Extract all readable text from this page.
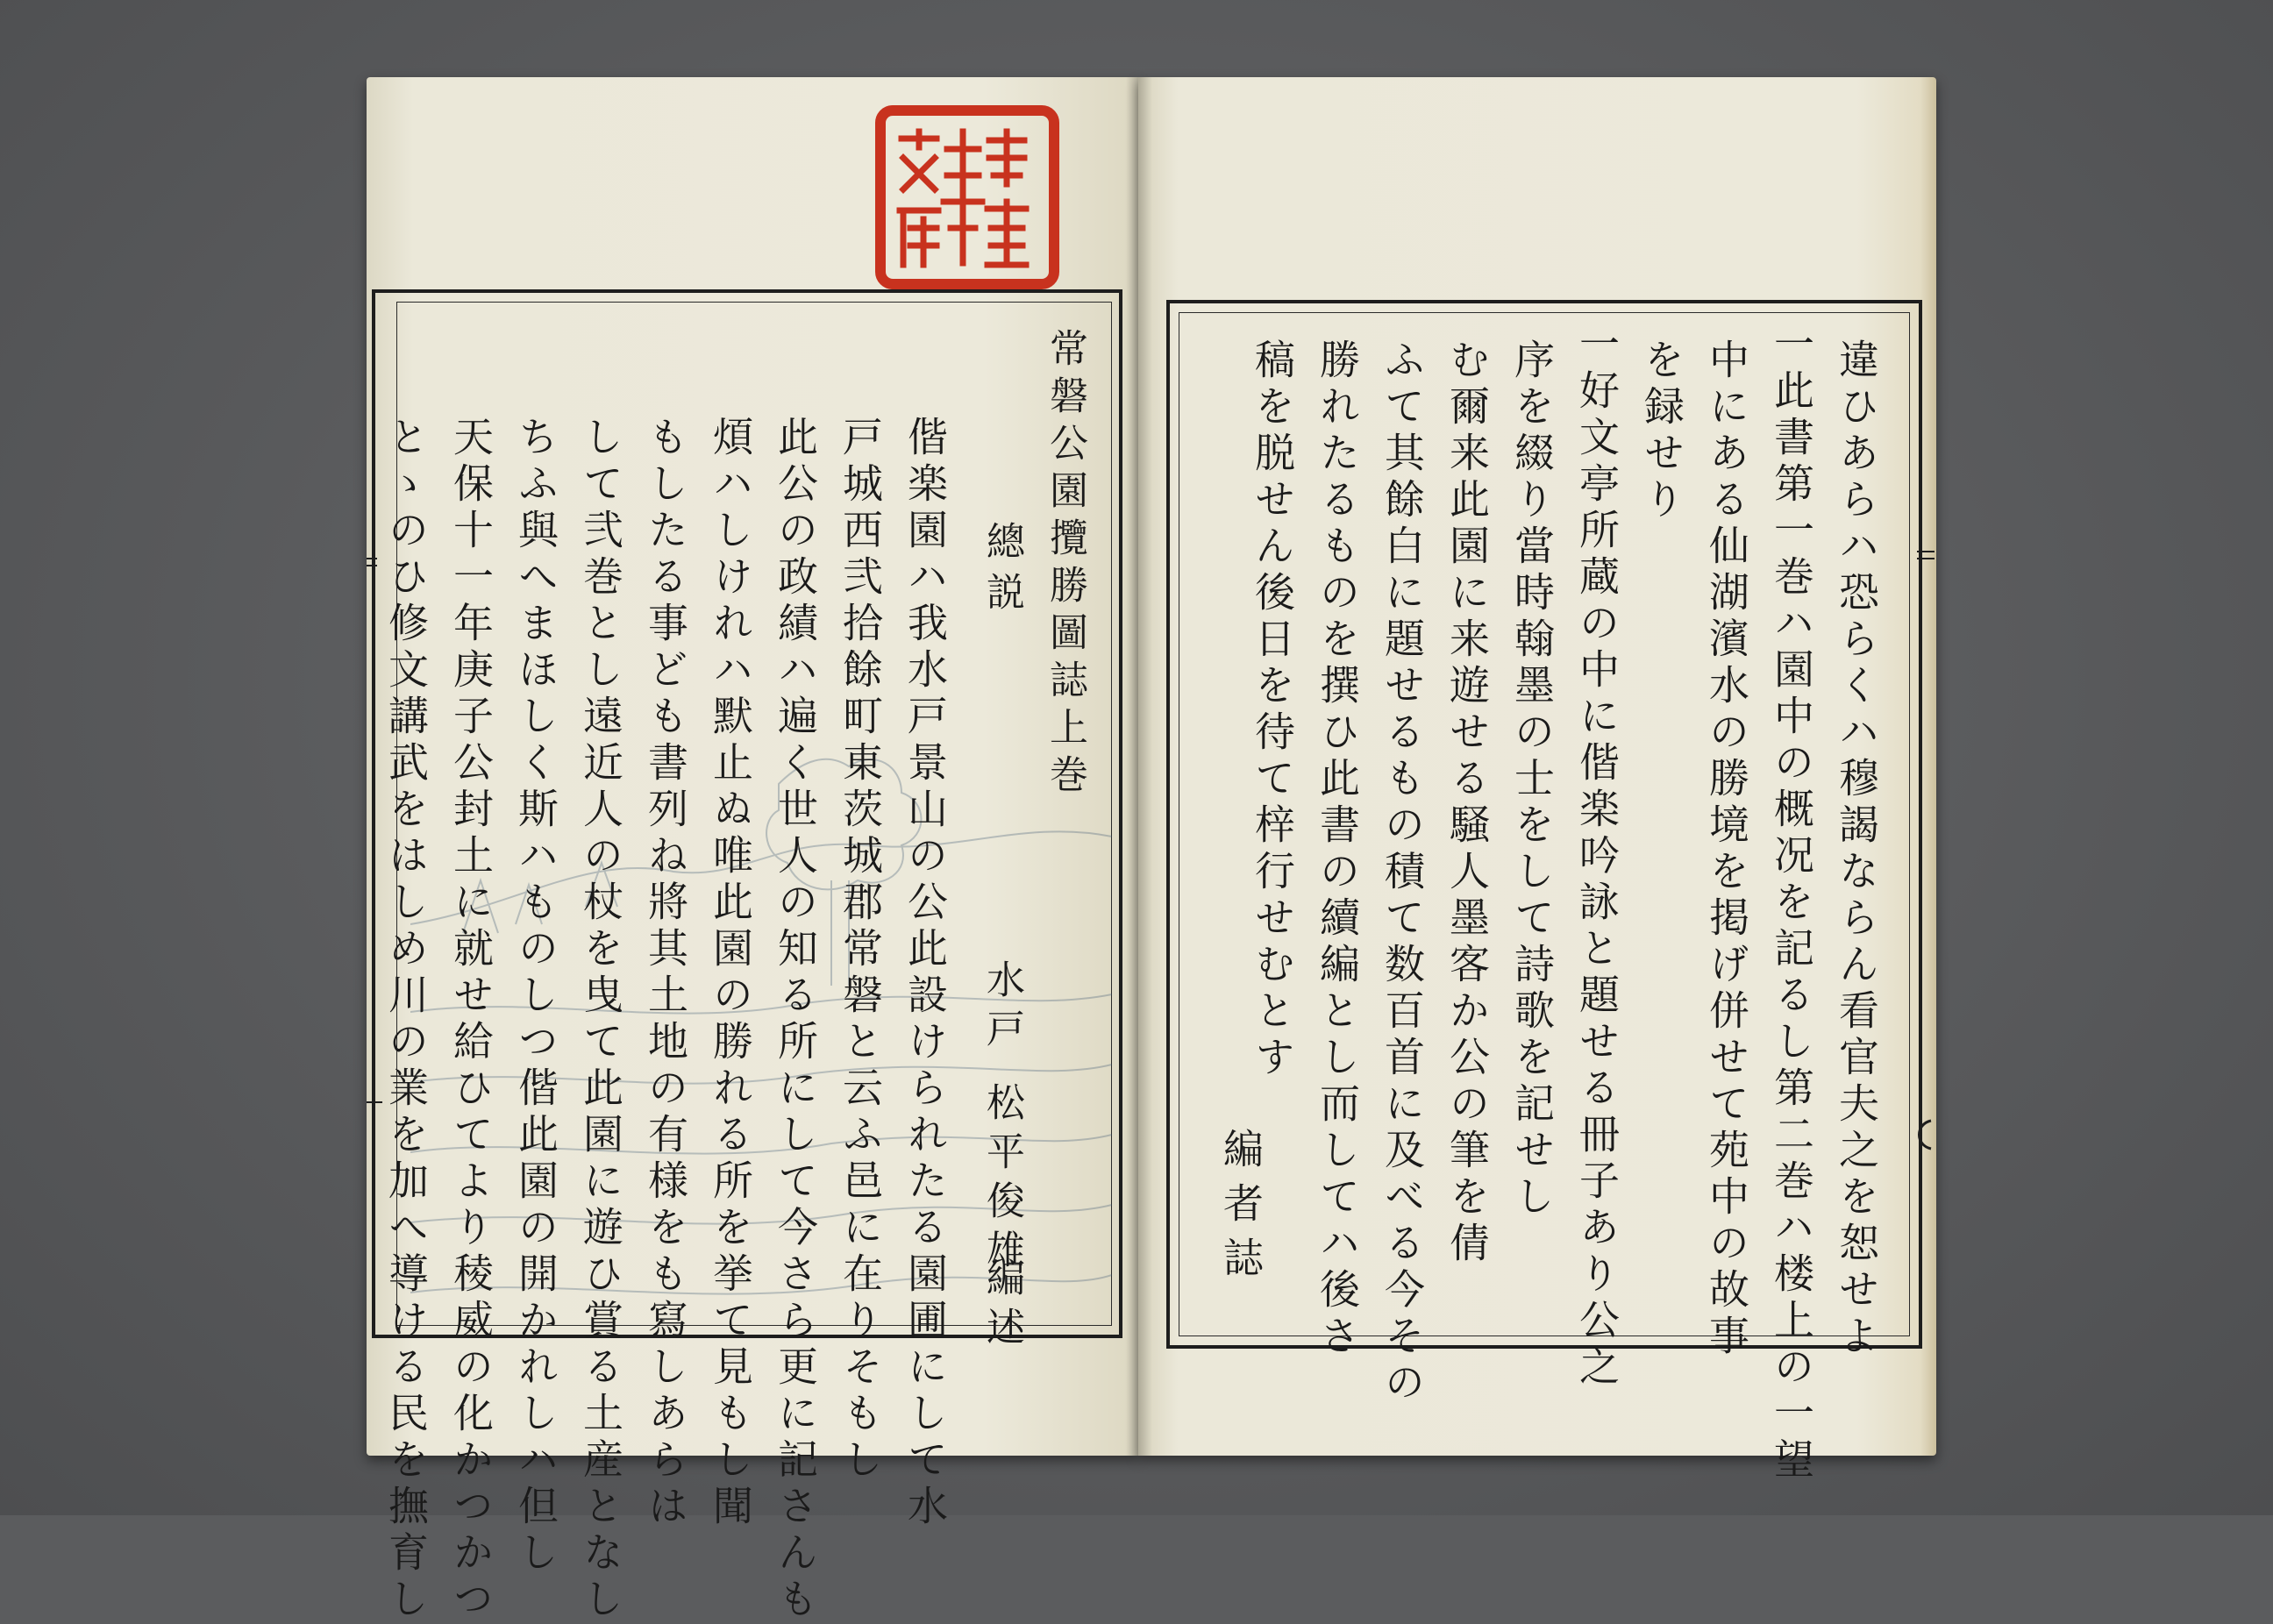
常磐公園攬勝圖誌上巻
總説
水戸
松平俊雄
編述
偕楽園ハ我水戸景山の公此設けられたる園圃にして水
戸城西弐拾餘町東茨城郡常磐と云ふ邑に在りそもし
此公の政績ハ遍く世人の知る所にして今さら更に記さんも
煩ハしけれハ默止ぬ唯此園の勝れる所を挙て見もし聞
もしたる事ども書列ね將其土地の有様をも寫しあらは
して弐巻とし遠近人の杖を曳て此園に遊ひ賞る土産となし
ちふ與へまほしく斯ハものしつ偕此園の開かれしハ但し
天保十一年庚子公封土に就せ給ひてより稜威の化かつかつ
とゝのひ修文講武をはしめ川の業を加へ導ける民を撫育し
　	違ひあらハ恐らくハ穆謁ならん看官夫之を恕せよ
一此書第一巻ハ園中の概况を記るし第二巻ハ楼上の一望
中にある仙湖濱水の勝境を掲げ併せて苑中の故事
を録せり
一好文亭所蔵の中に偕楽吟詠と題せる冊子あり公之
序を綴り當時翰墨の士をして詩歌を記せし
む爾来此園に来遊せる騒人墨客か公の筆を倩
ふて其餘白に題せるもの積て数百首に及べる今その
勝れたるものを撰ひ此書の續編とし而してハ後さ
稿を脱せん後日を待て梓行せむとす
編者誌
